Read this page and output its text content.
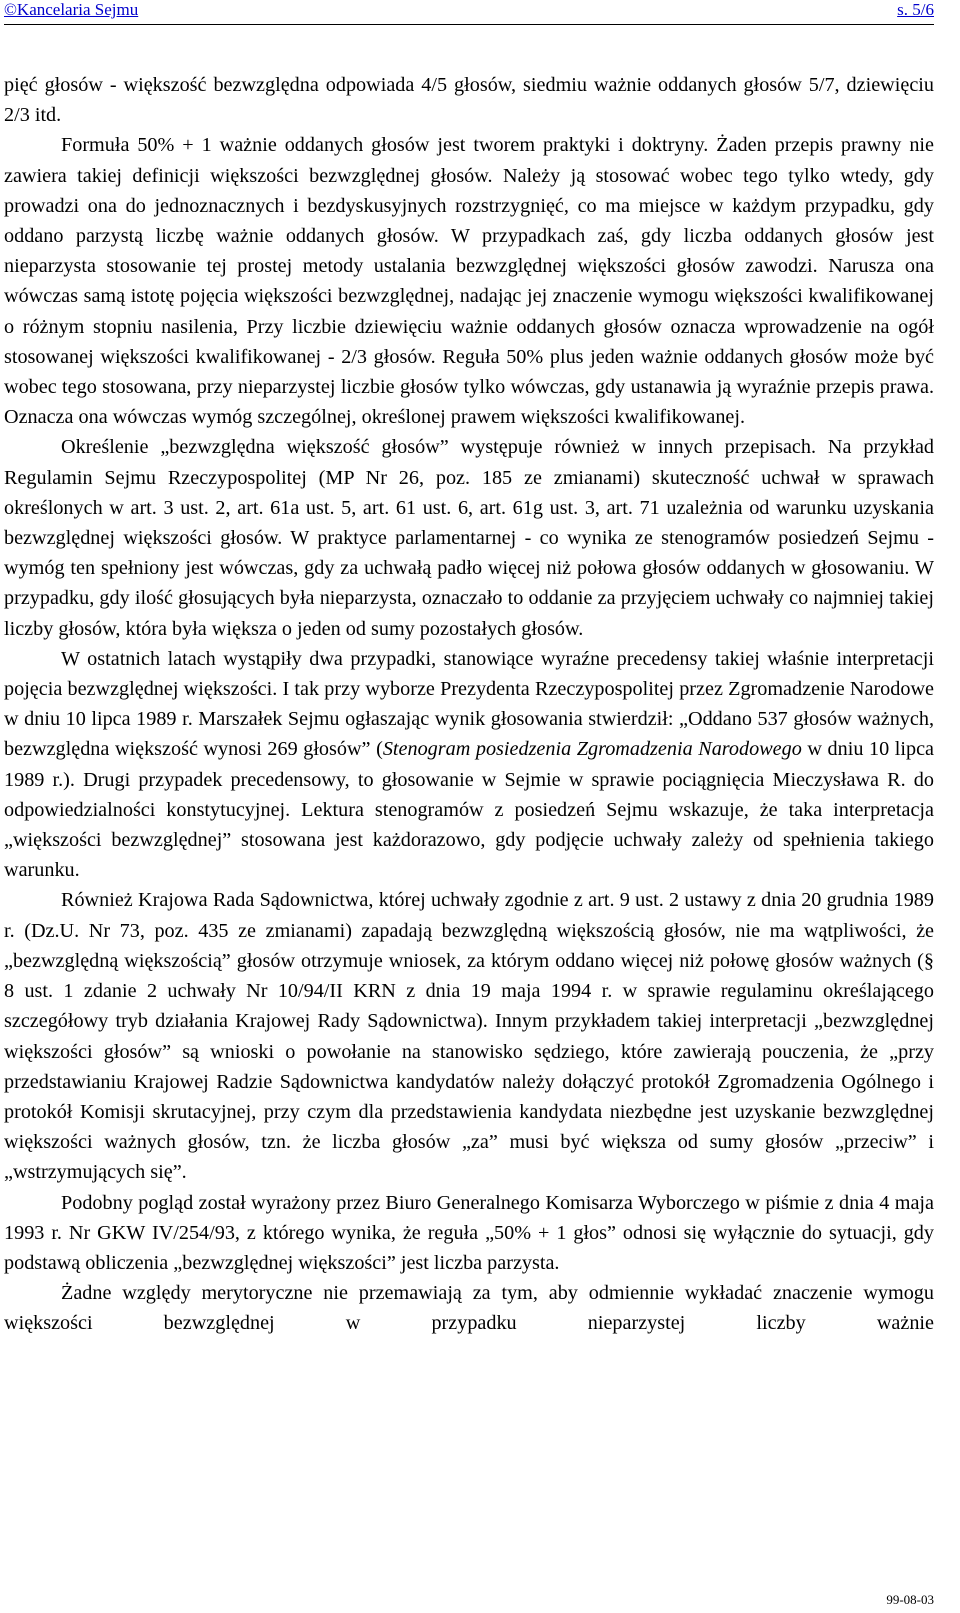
©Kancelaria Sejmu	s. 5/6

pięć głosów - większość bezwzględna odpowiada 4/5 głosów, siedmiu ważnie oddanych głosów 5/7, dziewięciu 2/3 itd.

Formuła 50% + 1 ważnie oddanych głosów jest tworem praktyki i doktryny. Żaden przepis prawny nie zawiera takiej definicji większości bezwzględnej głosów. Należy ją stosować wobec tego tylko wtedy, gdy prowadzi ona do jednoznacznych i bezdyskusyjnych rozstrzygnięć, co ma miejsce w każdym przypadku, gdy oddano parzystą liczbę ważnie oddanych głosów. W przypadkach zaś, gdy liczba oddanych głosów jest nieparzysta stosowanie tej prostej metody ustalania bezwzględnej większości głosów zawodzi. Narusza ona wówczas samą istotę pojęcia większości bezwzględnej, nadając jej znaczenie wymogu większości kwalifikowanej o różnym stopniu nasilenia, Przy liczbie dziewięciu ważnie oddanych głosów oznacza wprowadzenie na ogół stosowanej większości kwalifikowanej - 2/3 głosów. Reguła 50% plus jeden ważnie oddanych głosów może być wobec tego stosowana, przy nieparzystej liczbie głosów tylko wówczas, gdy ustanawia ją wyraźnie przepis prawa. Oznacza ona wówczas wymóg szczególnej, określonej prawem większości kwalifikowanej.

Określenie „bezwzględna większość głosów” występuje również w innych przepisach. Na przykład Regulamin Sejmu Rzeczypospolitej (MP Nr 26, poz. 185 ze zmianami) skuteczność uchwał w sprawach określonych w art. 3 ust. 2, art. 61a ust. 5, art. 61 ust. 6, art. 61g ust. 3, art. 71 uzależnia od warunku uzyskania bezwzględnej większości głosów. W praktyce parlamentarnej - co wynika ze stenogramów posiedzeń Sejmu - wymóg ten spełniony jest wówczas, gdy za uchwałą padło więcej niż połowa głosów oddanych w głosowaniu. W przypadku, gdy ilość głosujących była nieparzysta, oznaczało to oddanie za przyjęciem uchwały co najmniej takiej liczby głosów, która była większa o jeden od sumy pozostałych głosów.

W ostatnich latach wystąpiły dwa przypadki, stanowiące wyraźne precedensy takiej właśnie interpretacji pojęcia bezwzględnej większości. I tak przy wyborze Prezydenta Rzeczypospolitej przez Zgromadzenie Narodowe w dniu 10 lipca 1989 r. Marszałek Sejmu ogłaszając wynik głosowania stwierdził: „Oddano 537 głosów ważnych, bezwzględna większość wynosi 269 głosów” (Stenogram posiedzenia Zgromadzenia Narodowego w dniu 10 lipca 1989 r.). Drugi przypadek precedensowy, to głosowanie w Sejmie w sprawie pociągnięcia Mieczysława R. do odpowiedzialności konstytucyjnej. Lektura stenogramów z posiedzeń Sejmu wskazuje, że taka interpretacja „większości bezwzględnej” stosowana jest każdorazowo, gdy podjęcie uchwały zależy od spełnienia takiego warunku.

Również Krajowa Rada Sądownictwa, której uchwały zgodnie z art. 9 ust. 2 ustawy z dnia 20 grudnia 1989 r. (Dz.U. Nr 73, poz. 435 ze zmianami) zapadają bezwzględną większością głosów, nie ma wątpliwości, że „bezwzględną większością” głosów otrzymuje wniosek, za którym oddano więcej niż połowę głosów ważnych (§ 8 ust. 1 zdanie 2 uchwały Nr 10/94/II KRN z dnia 19 maja 1994 r. w sprawie regulaminu określającego szczegółowy tryb działania Krajowej Rady Sądownictwa). Innym przykładem takiej interpretacji „bezwzględnej większości głosów” są wnioski o powołanie na stanowisko sędziego, które zawierają pouczenia, że „przy przedstawianiu Krajowej Radzie Sądownictwa kandydatów należy dołączyć protokół Zgromadzenia Ogólnego i protokół Komisji skrutacyjnej, przy czym dla przedstawienia kandydata niezbędne jest uzyskanie bezwzględnej większości ważnych głosów, tzn. że liczba głosów „za” musi być większa od sumy głosów „przeciw” i „wstrzymujących się”.

Podobny pogląd został wyrażony przez Biuro Generalnego Komisarza Wyborczego w piśmie z dnia 4 maja 1993 r. Nr GKW IV/254/93, z którego wynika, że reguła „50% + 1 głos” odnosi się wyłącznie do sytuacji, gdy podstawą obliczenia „bezwzględnej większości” jest liczba parzysta.

Żadne względy merytoryczne nie przemawiają za tym, aby odmiennie wykładać znaczenie wymogu większości bezwzględnej w przypadku nieparzystej liczby ważnie

99-08-03
